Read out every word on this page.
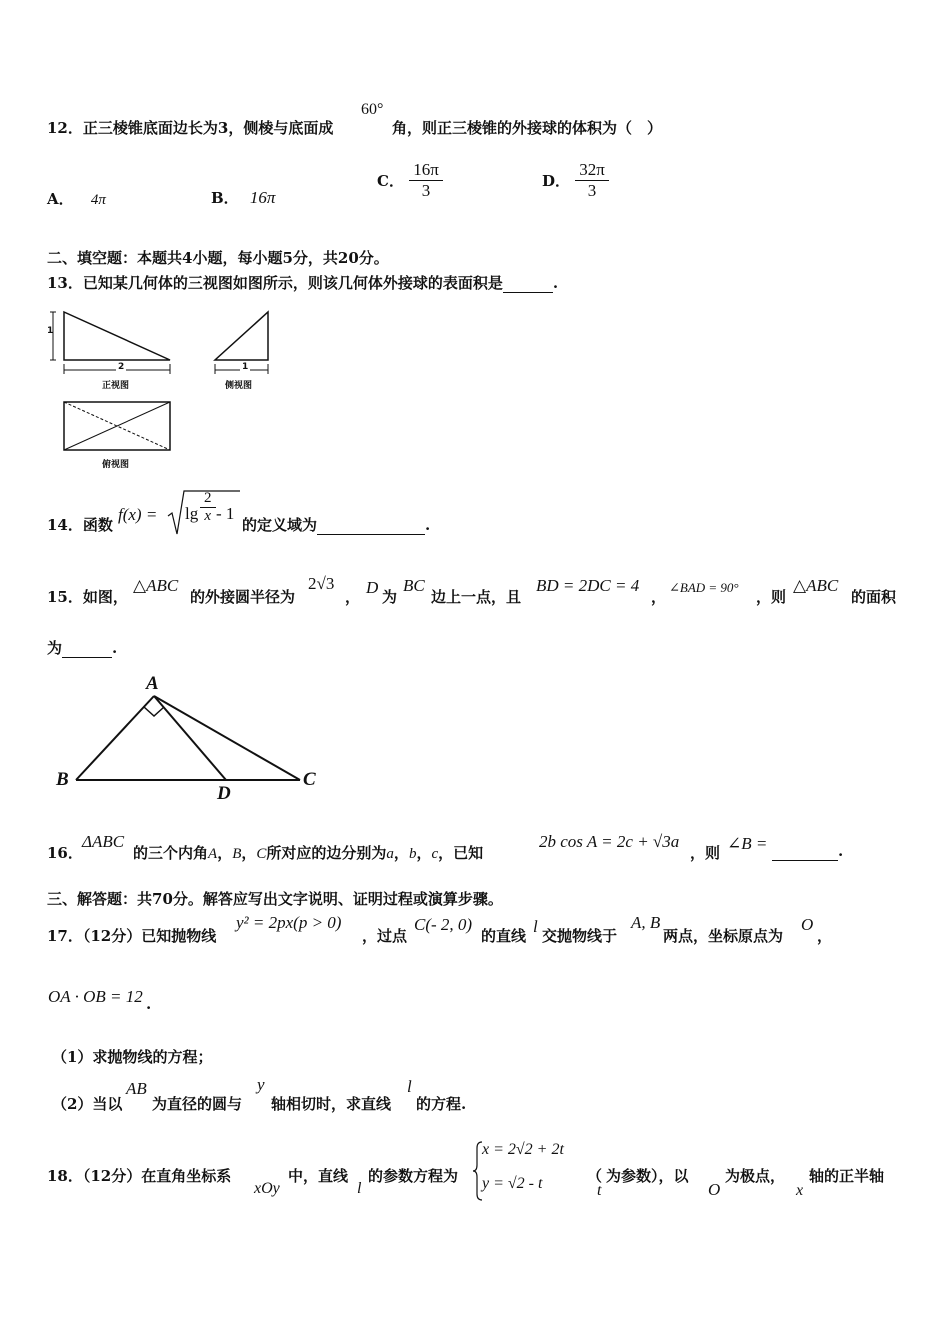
12．正三棱锥底面边长为3，侧棱与底面成
60°
角，则正三棱锥的外接球的体积为（　）
A． 4π	B． 16π
C． $\frac{16\pi}{3}$	D． $\frac{32\pi}{3}$
二、填空题：本题共4小题，每小题5分，共20分。
13．已知某几何体的三视图如图所示，则该几何体外接球的表面积是	.
1
2	1
正视图	侧视图
俯视图
14．函数
$f(x) = \lg \frac{2}{x} - 1$
的定义域为	.
15．如图，
△ABC
的外接圆半径为
2√3
， D 为
BC
边上一点，且
BD = 2DC = 4
，
∠BAD = 90°
，则
△ABC
的面积
为	.
A
B	C
D
16．
ΔABC
的三个内角A，B，C所对应的边分别为a，b，c，已知
2b cos A = 2c + √3a
，则 ∠B =	.
三、解答题：共70分。解答应写出文字说明、证明过程或演算步骤。
17．（12分）已知抛物线
y² = 2px(p > 0)
，过点
C(- 2, 0)
的直线 l 交抛物线于
A, B
两点，坐标原点为
O
，
OA · OB = 12 .
（1）求抛物线的方程；
（2）当以
AB
为直径的圆与
y
轴相切时，求直线
l
的方程.
18．（12分）在直角坐标系
xOy
中，直线
l
的参数方程为
x = 2√2 + 2t
y = √2 - t	（
t
为参数），以
O
为极点，
x
轴的正半轴
